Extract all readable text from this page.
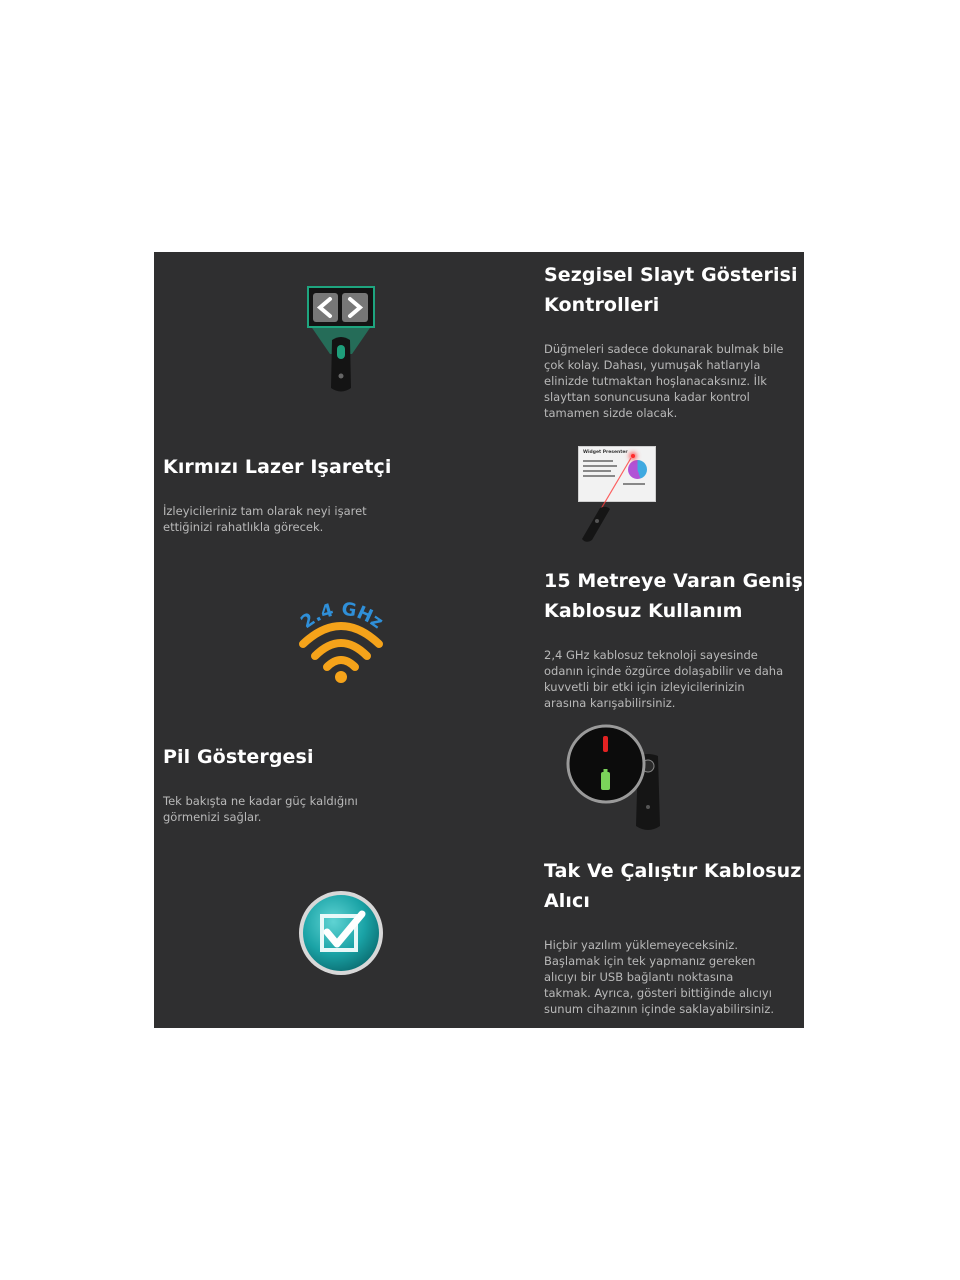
Sezgisel Slayt Gösterisi
Kontrolleri

Düğmeleri sadece dokunarak bulmak bile
çok kolay. Dahası, yumuşak hatlarıyla
elinizde tutmaktan hoşlanacaksınız. İlk
slayttan sonuncusuna kadar kontrol
tamamen sizde olacak.

Kırmızı Lazer Işaretçi

İzleyicileriniz tam olarak neyi işaret
ettiğinizi rahatlıkla görecek.

Widget Presenter
15 Metreye Varan Geniş
Kablosuz Kullanım

2,4 GHz kablosuz teknoloji sayesinde
odanın içinde özgürce dolaşabilir ve daha
kuvvetli bir etki için izleyicilerinizin
arasına karışabilirsiniz.

2.4 GHz
Pil Göstergesi

Tek bakışta ne kadar güç kaldığını
görmenizi sağlar.

Tak Ve Çalıştır Kablosuz
Alıcı

Hiçbir yazılım yüklemeyeceksiniz.
Başlamak için tek yapmanız gereken
alıcıyı bir USB bağlantı noktasına
takmak. Ayrıca, gösteri bittiğinde alıcıyı
sunum cihazının içinde saklayabilirsiniz.
